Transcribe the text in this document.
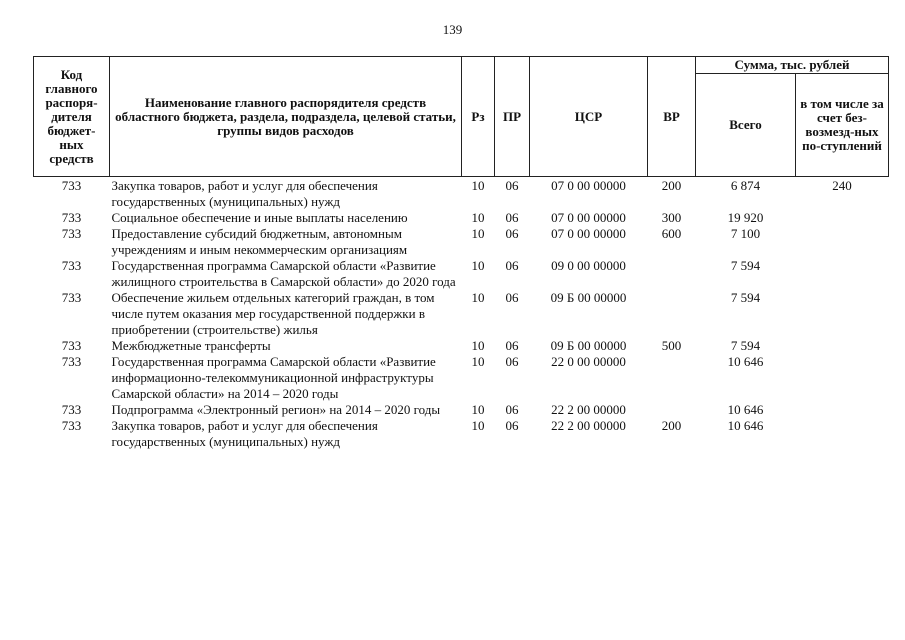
139
Код главного распоря-дителя бюджет-ных средств	Наименование главного распорядителя средств областного бюджета, раздела, подраздела, целевой статьи, группы видов расходов	Рз	ПР	ЦСР	ВР	Сумма, тыс. рублей	
						Всего	в том числе за счет без-возмезд-ных по-ступлений
733	Закупка товаров, работ и услуг для обеспечения государственных (муниципальных) нужд	10	06	07 0 00 00000	200	6 874	240
733	Социальное обеспечение и иные выплаты населению	10	06	07 0 00 00000	300	19 920	
733	Предоставление субсидий бюджетным, автономным учреждениям и иным некоммерческим организациям	10	06	07 0 00 00000	600	7 100	
733	Государственная программа Самарской области «Развитие жилищного строительства в Самарской области» до 2020 года	10	06	09 0 00 00000		7 594	
733	Обеспечение жильем отдельных категорий граждан, в том числе путем оказания мер государственной поддержки в приобретении (строительстве) жилья	10	06	09 Б 00 00000		7 594	
733	Межбюджетные трансферты	10	06	09 Б 00 00000	500	7 594	
733	Государственная программа Самарской области «Развитие информационно-телекоммуникационной инфраструктуры Самарской области» на 2014 – 2020 годы	10	06	22 0 00 00000		10 646	
733	Подпрограмма «Электронный регион» на 2014 – 2020 годы	10	06	22 2 00 00000		10 646	
733	Закупка товаров, работ и услуг для обеспечения государственных (муниципальных) нужд	10	06	22 2 00 00000	200	10 646	
